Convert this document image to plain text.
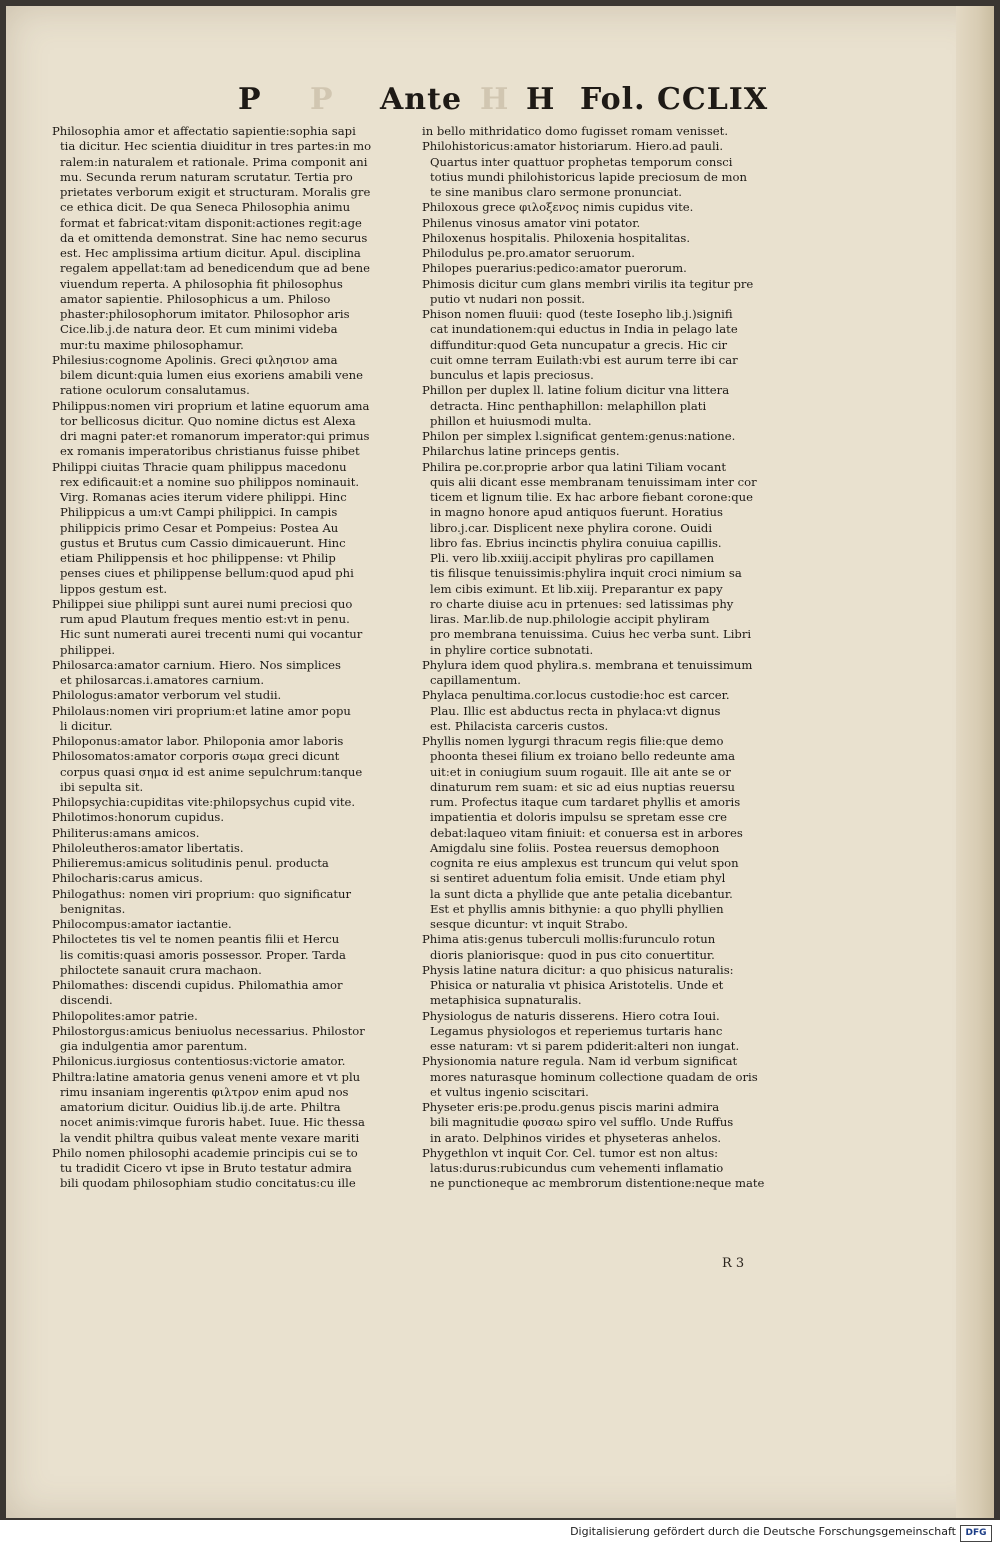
P P Ante H H Fol. CCLIX

Philosophia amor et affectatio sapientie:sophia sapi

tia dicitur. Hec scientia diuiditur in tres partes:in mo

ralem:in naturalem et rationale. Prima componit ani

mu. Secunda rerum naturam scrutatur. Tertia pro

prietates verborum exigit et structuram. Moralis gre

ce ethica dicit. De qua Seneca Philosophia animu

format et fabricat:vitam disponit:actiones regit:age

da et omittenda demonstrat. Sine hac nemo securus

est. Hec amplissima artium dicitur. Apul. disciplina

regalem appellat:tam ad benedicendum que ad bene

viuendum reperta. A philosophia fit philosophus

amator sapientie. Philosophicus a um. Philoso

phaster:philosophorum imitator. Philosophor aris

Cice.lib.j.de natura deor. Et cum minimi videba

mur:tu maxime philosophamur.

Philesius:cognome Apolinis. Greci φιλησιον ama

bilem dicunt:quia lumen eius exoriens amabili vene

ratione oculorum consalutamus.

Philippus:nomen viri proprium et latine equorum ama

tor bellicosus dicitur. Quo nomine dictus est Alexa

dri magni pater:et romanorum imperator:qui primus

ex romanis imperatoribus christianus fuisse phibet

Philippi ciuitas Thracie quam philippus macedonu

rex edificauit:et a nomine suo philippos nominauit.

Virg. Romanas acies iterum videre philippi. Hinc

Philippicus a um:vt Campi philippici. In campis

philippicis primo Cesar et Pompeius: Postea Au

gustus et Brutus cum Cassio dimicauerunt. Hinc

etiam Philippensis et hoc philippense: vt Philip

penses ciues et philippense bellum:quod apud phi

lippos gestum est.

Philippei siue philippi sunt aurei numi preciosi quo

rum apud Plautum freques mentio est:vt in penu.

Hic sunt numerati aurei trecenti numi qui vocantur

philippei.

Philosarca:amator carnium. Hiero. Nos simplices

et philosarcas.i.amatores carnium.

Philologus:amator verborum vel studii.

Philolaus:nomen viri proprium:et latine amor popu

li dicitur.

Philoponus:amator labor. Philoponia amor laboris

Philosomatos:amator corporis σωμα greci dicunt

corpus quasi σημα id est anime sepulchrum:tanque

ibi sepulta sit.

Philopsychia:cupiditas vite:philopsychus cupid vite.

Philotimos:honorum cupidus.

Philiterus:amans amicos.

Philoleutheros:amator libertatis.

Philieremus:amicus solitudinis penul. producta

Philocharis:carus amicus.

Philogathus: nomen viri proprium: quo significatur

benignitas.

Philocompus:amator iactantie.

Philoctetes tis vel te nomen peantis filii et Hercu

lis comitis:quasi amoris possessor. Proper. Tarda

philoctete sanauit crura machaon.

Philomathes: discendi cupidus. Philomathia amor

discendi.

Philopolites:amor patrie.

Philostorgus:amicus beniuolus necessarius. Philostor

gia indulgentia amor parentum.

Philonicus.iurgiosus contentiosus:victorie amator.

Philtra:latine amatoria genus veneni amore et vt plu

rimu insaniam ingerentis φιλτρον enim apud nos

amatorium dicitur. Ouidius lib.ij.de arte. Philtra

nocet animis:vimque furoris habet. Iuue. Hic thessa

la vendit philtra quibus valeat mente vexare mariti

Philo nomen philosophi academie principis cui se to

tu tradidit Cicero vt ipse in Bruto testatur admira

bili quodam philosophiam studio concitatus:cu ille

in bello mithridatico domo fugisset romam venisset.

Philohistoricus:amator historiarum. Hiero.ad pauli.

Quartus inter quattuor prophetas temporum consci

totius mundi philohistoricus lapide preciosum de mon

te sine manibus claro sermone pronunciat.

Philoxous grece φιλοξενος nimis cupidus vite.

Philenus vinosus amator vini potator.

Philoxenus hospitalis. Philoxenia hospitalitas.

Philodulus pe.pro.amator seruorum.

Philopes puerarius:pedico:amator puerorum.

Phimosis dicitur cum glans membri virilis ita tegitur pre

putio vt nudari non possit.

Phison nomen fluuii: quod (teste Iosepho lib.j.)signifi

cat inundationem:qui eductus in India in pelago late

diffunditur:quod Geta nuncupatur a grecis. Hic cir

cuit omne terram Euilath:vbi est aurum terre ibi car

bunculus et lapis preciosus.

Phillon per duplex ll. latine folium dicitur vna littera

detracta. Hinc penthaphillon: melaphillon plati

phillon et huiusmodi multa.

Philon per simplex l.significat gentem:genus:natione.

Philarchus latine princeps gentis.

Philira pe.cor.proprie arbor qua latini Tiliam vocant

quis alii dicant esse membranam tenuissimam inter cor

ticem et lignum tilie. Ex hac arbore fiebant corone:que

in magno honore apud antiquos fuerunt. Horatius

libro.j.car. Displicent nexe phylira corone. Ouidi

libro fas. Ebrius incinctis phylira conuiua capillis.

Pli. vero lib.xxiiij.accipit phyliras pro capillamen

tis filisque tenuissimis:phylira inquit croci nimium sa

lem cibis eximunt. Et lib.xiij. Preparantur ex papy

ro charte diuise acu in prtenues: sed latissimas phy

liras. Mar.lib.de nup.philologie accipit phyliram

pro membrana tenuissima. Cuius hec verba sunt. Libri

in phylire cortice subnotati.

Phylura idem quod phylira.s. membrana et tenuissimum

capillamentum.

Phylaca penultima.cor.locus custodie:hoc est carcer.

Plau. Illic est abductus recta in phylaca:vt dignus

est. Philacista carceris custos.

Phyllis nomen lygurgi thracum regis filie:que demo

phoonta thesei filium ex troiano bello redeunte ama

uit:et in coniugium suum rogauit. Ille ait ante se or

dinaturum rem suam: et sic ad eius nuptias reuersu

rum. Profectus itaque cum tardaret phyllis et amoris

impatientia et doloris impulsu se spretam esse cre

debat:laqueo vitam finiuit: et conuersa est in arbores

Amigdalu sine foliis. Postea reuersus demophoon

cognita re eius amplexus est truncum qui velut spon

si sentiret aduentum folia emisit. Unde etiam phyl

la sunt dicta a phyllide que ante petalia dicebantur.

Est et phyllis amnis bithynie: a quo phylli phyllien

sesque dicuntur: vt inquit Strabo.

Phima atis:genus tuberculi mollis:furunculo rotun

dioris planiorisque: quod in pus cito conuertitur.

Physis latine natura dicitur: a quo phisicus naturalis:

Phisica or naturalia vt phisica Aristotelis. Unde et

metaphisica supnaturalis.

Physiologus de naturis disserens. Hiero cotra Ioui.

Legamus physiologos et reperiemus turtaris hanc

esse naturam: vt si parem pdiderit:alteri non iungat.

Physionomia nature regula. Nam id verbum significat

mores naturasque hominum collectione quadam de oris

et vultus ingenio sciscitari.

Physeter eris:pe.produ.genus piscis marini admira

bili magnitudie φυσαω spiro vel sufflo. Unde Ruffus

in arato. Delphinos virides et physeteras anhelos.

Phygethlon vt inquit Cor. Cel. tumor est non altus:

latus:durus:rubicundus cum vehementi inflamatio

ne punctioneque ac membrorum distentione:neque mate

R 3
Digitalisierung gefördert durch die Deutsche Forschungsgemeinschaft	DFG
